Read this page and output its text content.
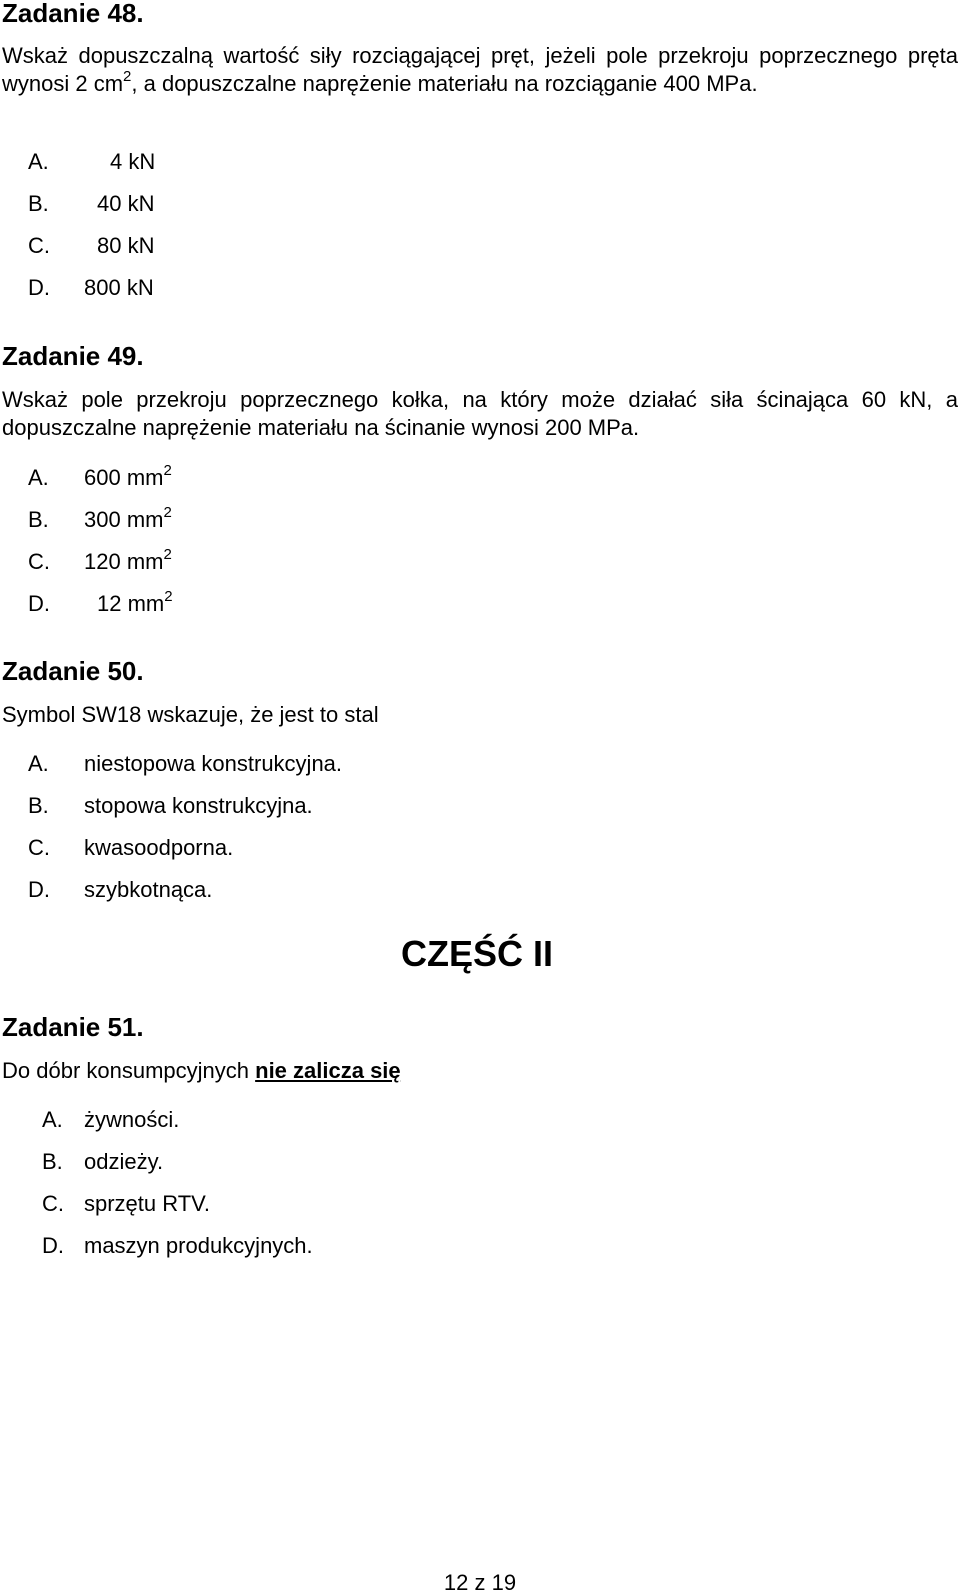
Zadanie 48.

Wskaż dopuszczalną wartość siły rozciągającej pręt, jeżeli pole przekroju poprzecznego pręta wynosi 2 $cm^2$, a dopuszczalne naprężenie materiału na rozciąganie 400 MPa.

A.	4 kN
B. 40 kN
C. 80 kN
D. 800 kN
Zadanie 49.

Wskaż pole przekroju poprzecznego kołka, na który może działać siła ścinająca 60 kN, a dopuszczalne naprężenie materiału na ścinanie wynosi 200 MPa.

A. 600 $mm^2$
B. 300 $mm^2$
C. 120 $mm^2$
D. 12 $mm^2$
Zadanie 50.

Symbol SW18 wskazuje, że jest to stal

A. niestopowa konstrukcyjna.
B. stopowa konstrukcyjna.
C. kwasoodporna.
D. szybkotnąca.
CZĘŚĆ II
Zadanie 51.

Do dóbr konsumpcyjnych nie zalicza się

A. żywności.
B. odzieży.
C. sprzętu RTV.
D. maszyn produkcyjnych.
12 z 19
